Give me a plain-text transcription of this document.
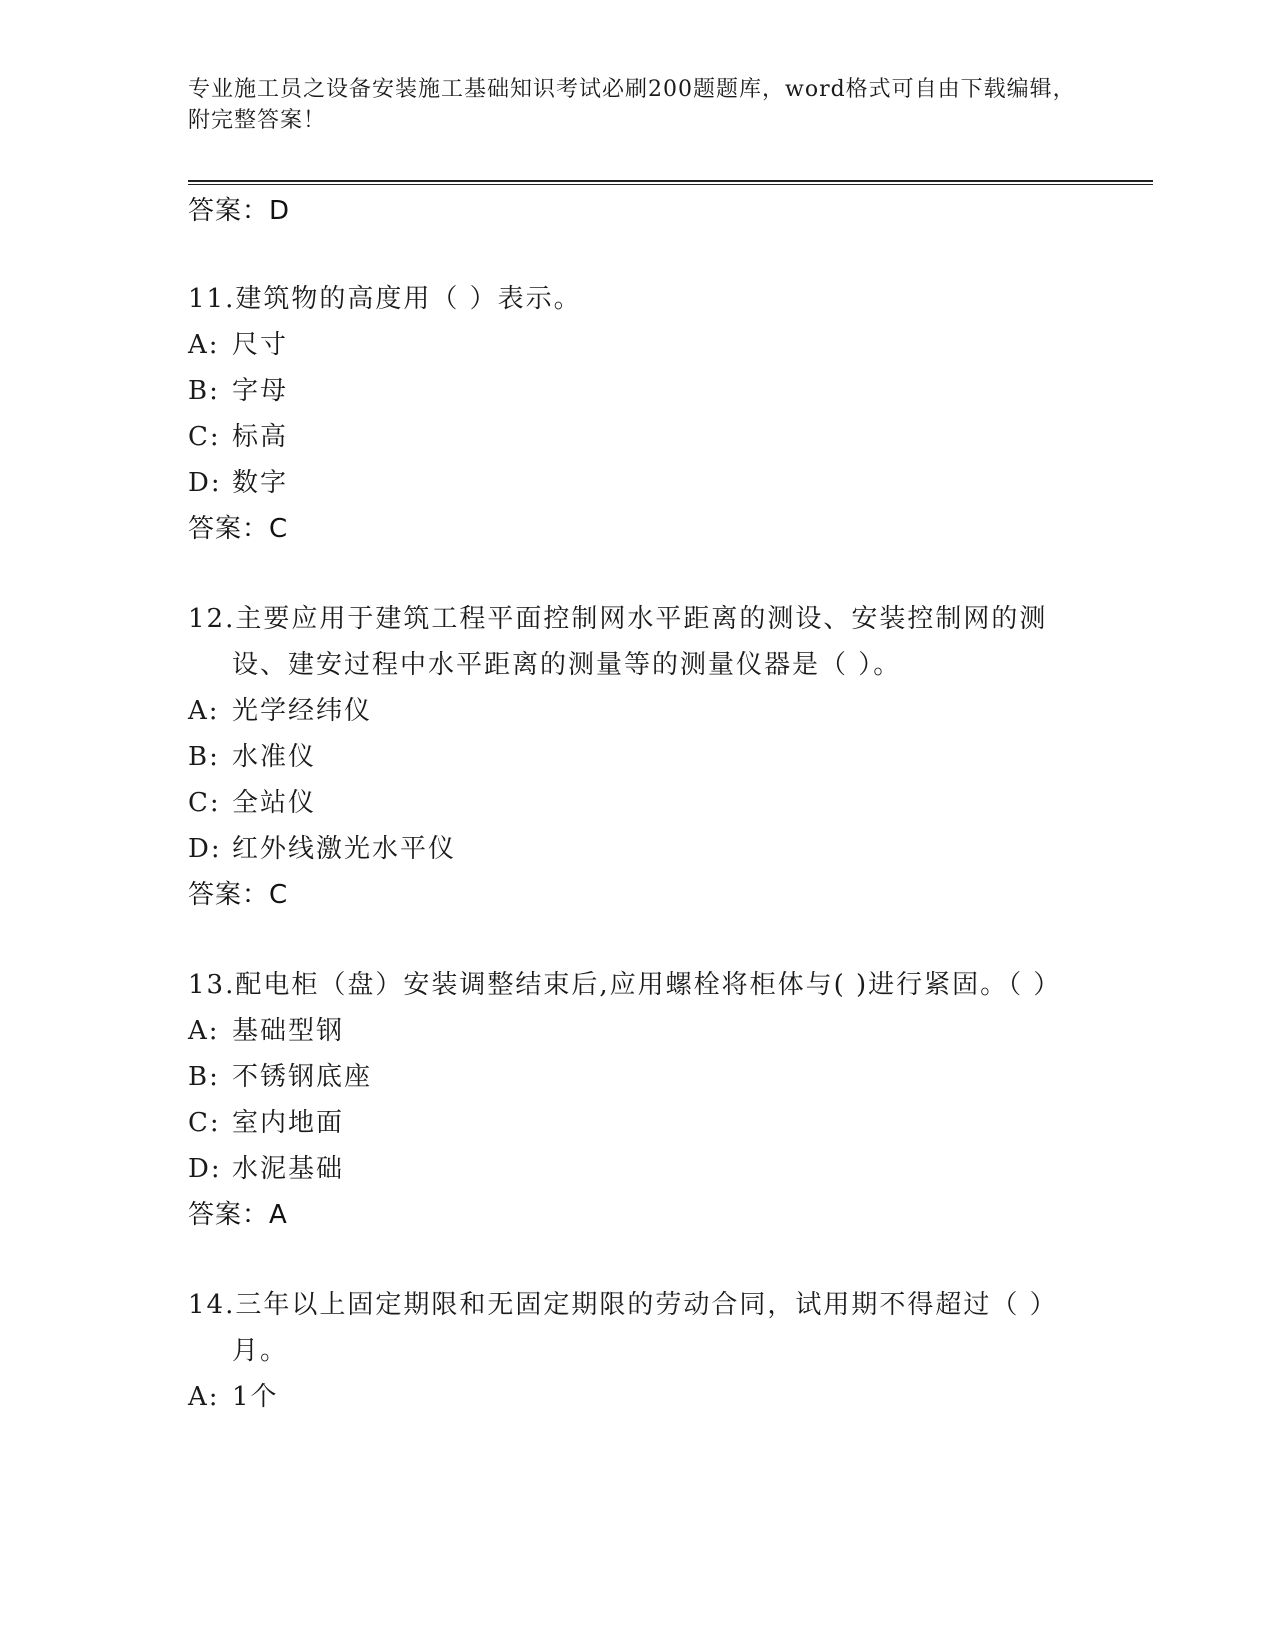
专业施工员之设备安装施工基础知识考试必刷200题题库，word格式可自由下载编辑，附完整答案！
答案：D
11.建筑物的高度用（ ）表示。
A: 尺寸
B: 字母
C: 标高
D: 数字
答案：C
12.主要应用于建筑工程平面控制网水平距离的测设、安装控制网的测设、建安过程中水平距离的测量等的测量仪器是（ ）。
A: 光学经纬仪
B: 水准仪
C: 全站仪
D: 红外线激光水平仪
答案：C
13.配电柜（盘）安装调整结束后,应用螺栓将柜体与( )进行紧固。（ ）
A: 基础型钢
B: 不锈钢底座
C: 室内地面
D: 水泥基础
答案：A
14.三年以上固定期限和无固定期限的劳动合同，试用期不得超过（ ）月。
A: 1个
